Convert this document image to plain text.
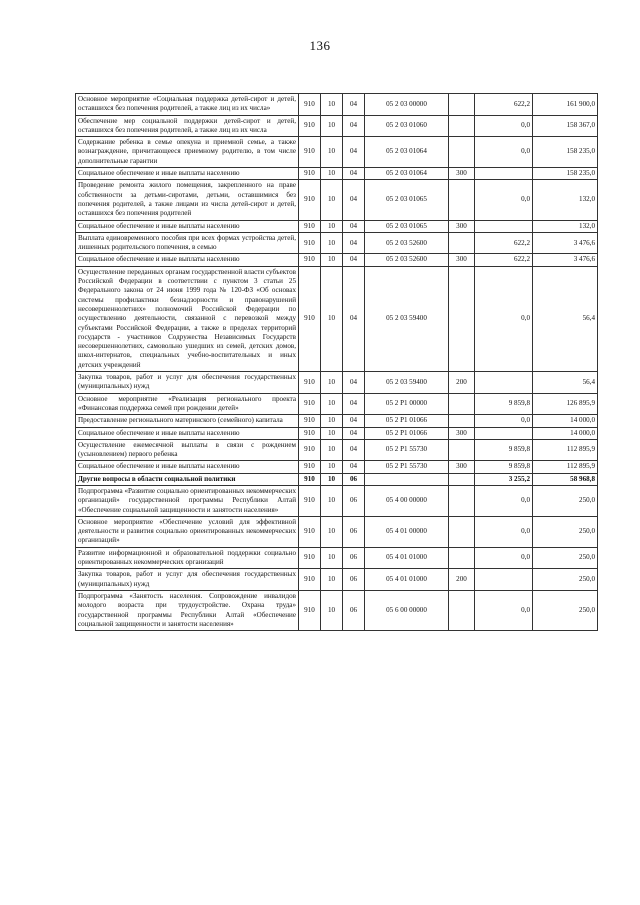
136
Основное мероприятие «Социальная поддержка детей-сирот и детей, оставшихся без попечения родителей, а также лиц из их числа»	910	10	04	05 2 03 00000		622,2	161 900,0
Обеспечение мер социальной поддержки детей-сирот и детей, оставшихся без попечения родителей, а также лиц из их числа	910	10	04	05 2 03 01060		0,0	158 367,0
Содержание ребенка в семье опекуна и приемной семье, а также вознаграждение, причитающееся приемному родителю, в том числе дополнительные гарантии	910	10	04	05 2 03 01064		0,0	158 235,0
Социальное обеспечение и иные выплаты населению	910	10	04	05 2 03 01064	300		158 235,0
Проведение ремонта жилого помещения, закрепленного на праве собственности за детьми-сиротами, детьми, оставшимися без попечения родителей, а также лицами из числа детей-сирот и детей, оставшихся без попечения родителей	910	10	04	05 2 03 01065		0,0	132,0
Социальное обеспечение и иные выплаты населению	910	10	04	05 2 03 01065	300		132,0
Выплата единовременного пособия при всех формах устройства детей, лишенных родительского попечения, в семью	910	10	04	05 2 03 52600		622,2	3 476,6
Социальное обеспечение и иные выплаты населению	910	10	04	05 2 03 52600	300	622,2	3 476,6
Осуществление переданных органам государственной власти субъектов Российской Федерации в соответствии с пунктом 3 статьи 25 Федерального закона от 24 июня 1999 года № 120-ФЗ «Об основах системы профилактики безнадзорности и правонарушений несовершеннолетних» полномочий Российской Федерации по осуществлению деятельности, связанной с перевозкой между субъектами Российской Федерации, а также в пределах территорий государств - участников Содружества Независимых Государств несовершеннолетних, самовольно ушедших из семей, детских домов, школ-интернатов, специальных учебно-воспитательных и иных детских учреждений	910	10	04	05 2 03 59400		0,0	56,4
Закупка товаров, работ и услуг для обеспечения государственных (муниципальных) нужд	910	10	04	05 2 03 59400	200		56,4
Основное мероприятие «Реализация регионального проекта «Финансовая поддержка семей при рождении детей»	910	10	04	05 2 P1 00000		9 859,8	126 895,9
Предоставление регионального материнского (семейного) капитала	910	10	04	05 2 P1 01066		0,0	14 000,0
Социальное обеспечение и иные выплаты населению	910	10	04	05 2 P1 01066	300		14 000,0
Осуществление ежемесячной выплаты в связи с рождением (усыновлением) первого ребенка	910	10	04	05 2 P1 55730		9 859,8	112 895,9
Социальное обеспечение и иные выплаты населению	910	10	04	05 2 P1 55730	300	9 859,8	112 895,9
Другие вопросы в области социальной политики	910	10	06			3 255,2	58 968,8
Подпрограмма «Развитие социально ориентированных некоммерческих организаций» государственной программы Республики Алтай «Обеспечение социальной защищенности и занятости населения»	910	10	06	05 4 00 00000		0,0	250,0
Основное мероприятие «Обеспечение условий для эффективной деятельности и развития социально ориентированных некоммерческих организаций»	910	10	06	05 4 01 00000		0,0	250,0
Развитие информационной и образовательной поддержки социально ориентированных некоммерческих организаций	910	10	06	05 4 01 01000		0,0	250,0
Закупка товаров, работ и услуг для обеспечения государственных (муниципальных) нужд	910	10	06	05 4 01 01000	200		250,0
Подпрограмма «Занятость населения. Сопровождение инвалидов молодого возраста при трудоустройстве. Охрана труда» государственной программы Республики Алтай «Обеспечение социальной защищенности и занятости населения»	910	10	06	05 6 00 00000		0,0	250,0
